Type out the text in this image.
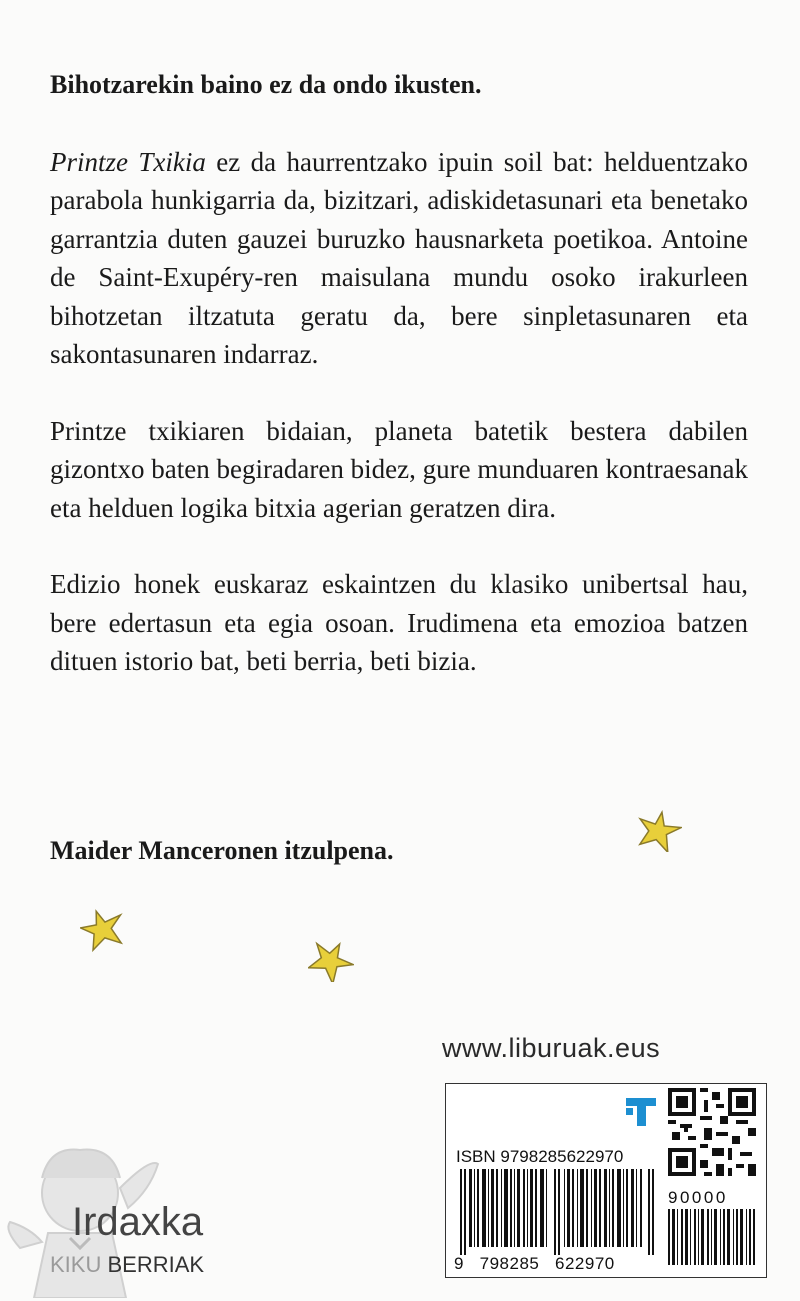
Bihotzarekin baino ez da ondo ikusten.

Printze Txikia ez da haurrentzako ipuin soil bat: helduentzako parabola hunkigarria da, bizitzari, adiskidetasunari eta benetako garrantzia duten gauzei buruzko hausnarketa poetikoa. Antoine de Saint-Exupéry-ren maisulana mundu osoko irakurleen bihotzetan iltzatuta geratu da, bere sinpletasunaren eta sakontasunaren indarraz.

Printze txikiaren bidaian, planeta batetik bestera dabilen gizontxo baten begiradaren bidez, gure munduaren kontraesanak eta helduen logika bitxia agerian geratzen dira.

Edizio honek euskaraz eskaintzen du klasiko unibertsal hau, bere edertasun eta egia osoan. Irudimena eta emozioa batzen dituen istorio bat, beti berria, beti bizia.

Maider Manceronen itzulpena.
www.liburuak.eus
ISBN 9798285622970
9   798285   622970
90000
Irdaxka
KIKU BERRIAK
